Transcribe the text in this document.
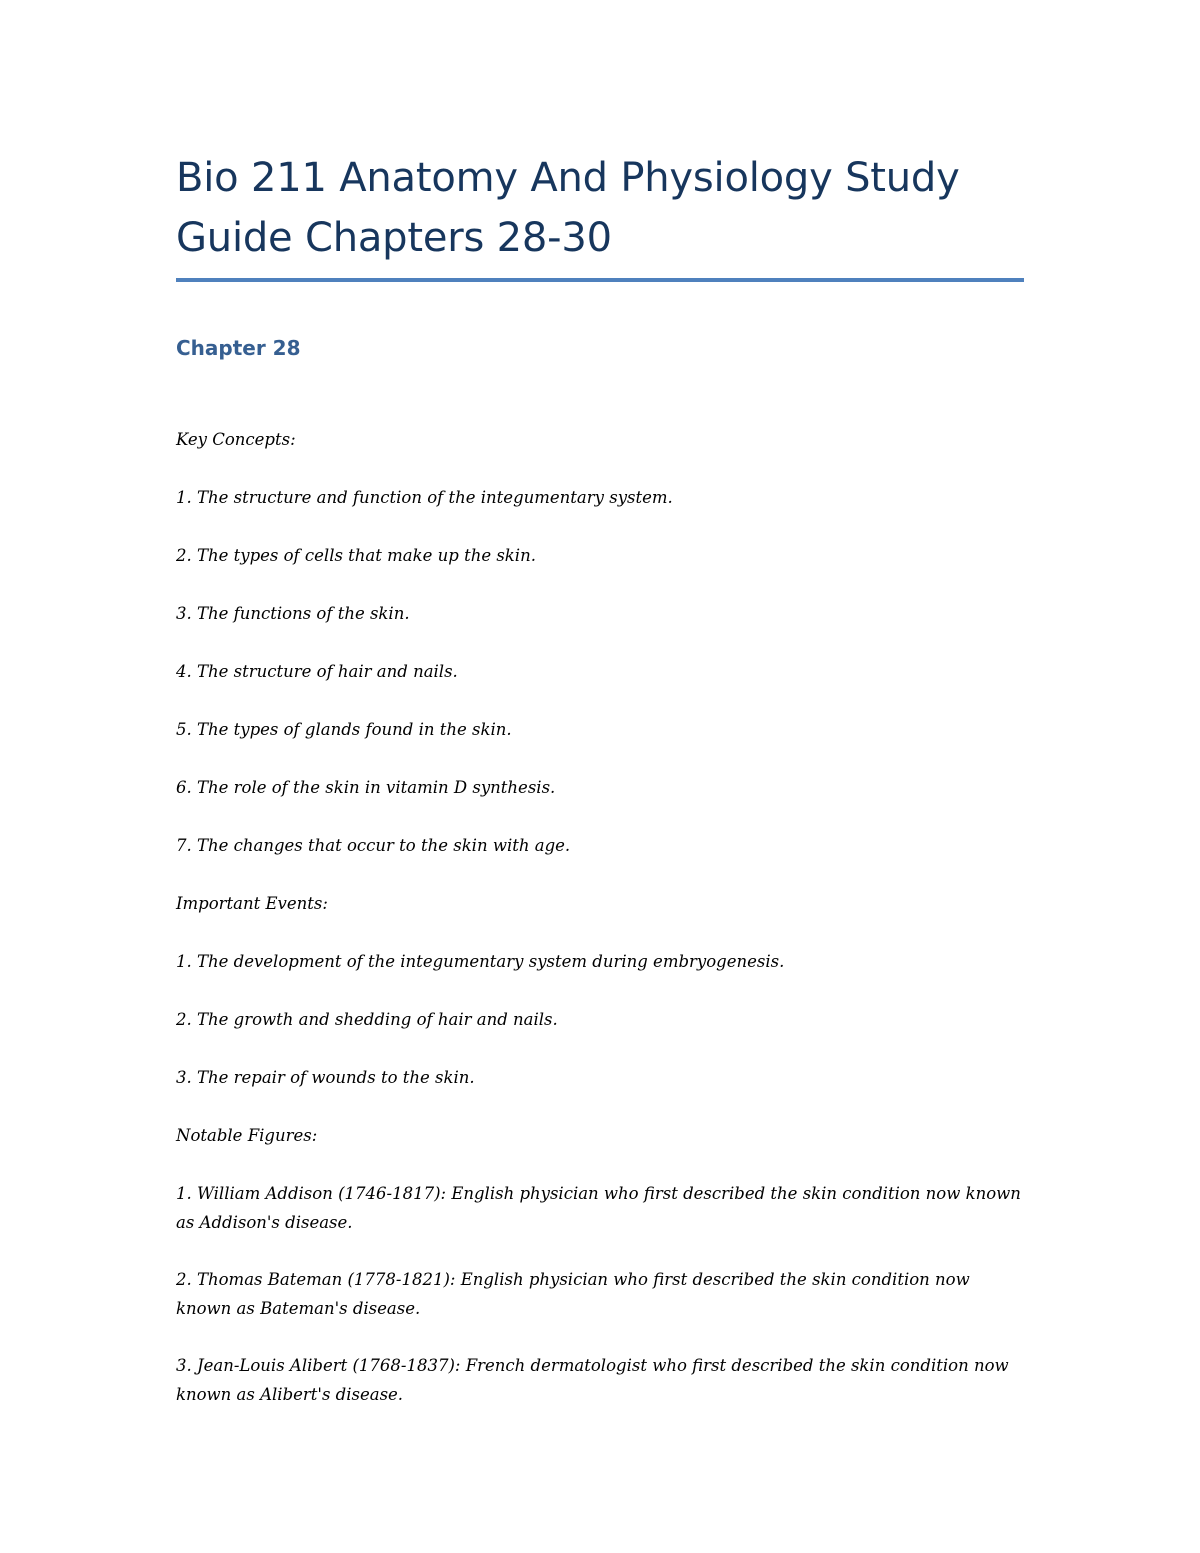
Bio 211 Anatomy And Physiology Study Guide Chapters 28-30
Chapter 28

Key Concepts:

1. The structure and function of the integumentary system.

2. The types of cells that make up the skin.

3. The functions of the skin.

4. The structure of hair and nails.

5. The types of glands found in the skin.

6. The role of the skin in vitamin D synthesis.

7. The changes that occur to the skin with age.

Important Events:

1. The development of the integumentary system during embryogenesis.

2. The growth and shedding of hair and nails.

3. The repair of wounds to the skin.

Notable Figures:

1. William Addison (1746-1817): English physician who first described the skin condition now known as Addison's disease.

2. Thomas Bateman (1778-1821): English physician who first described the skin condition now known as Bateman's disease.

3. Jean-Louis Alibert (1768-1837): French dermatologist who first described the skin condition now known as Alibert's disease.
